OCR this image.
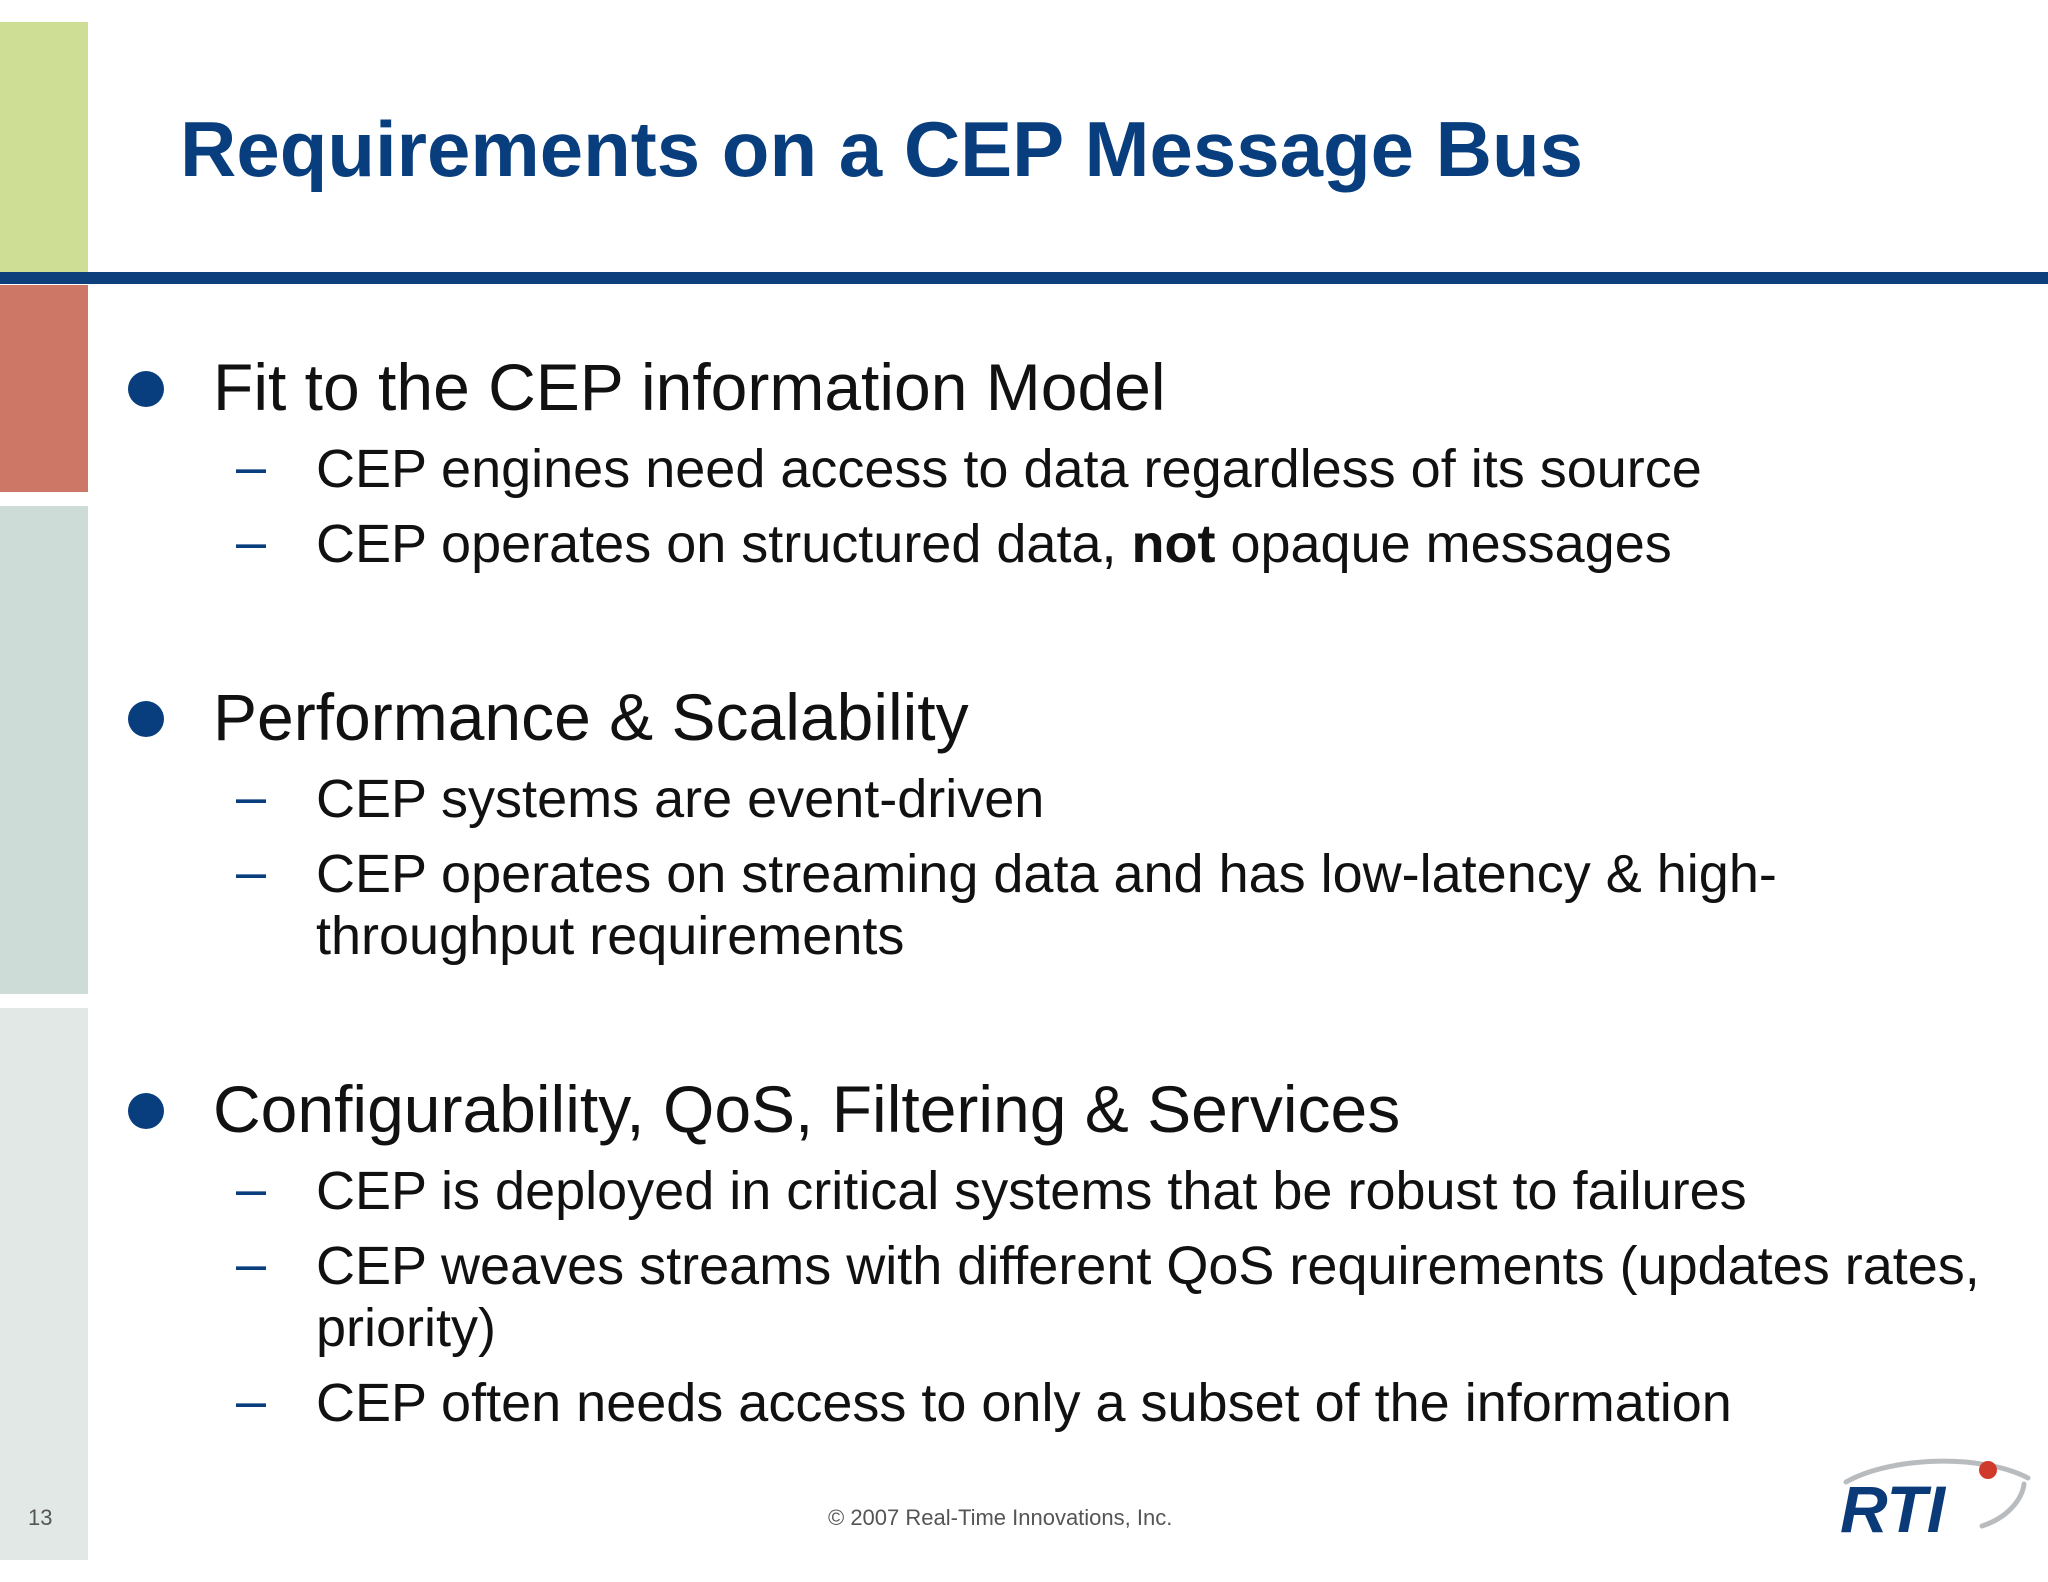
Requirements on a CEP Message Bus
Fit to the CEP information Model
– CEP engines need access to data regardless of its source
– CEP operates on structured data, not opaque messages
Performance & Scalability
– CEP systems are event-driven
– CEP operates on streaming data and has low-latency & high-throughput requirements
Configurability, QoS, Filtering & Services
– CEP is deployed in critical systems that be robust to failures
– CEP weaves streams with different QoS requirements (updates rates, priority)
– CEP often needs access to only a subset of the information
13	© 2007 Real-Time Innovations, Inc.	RTI
